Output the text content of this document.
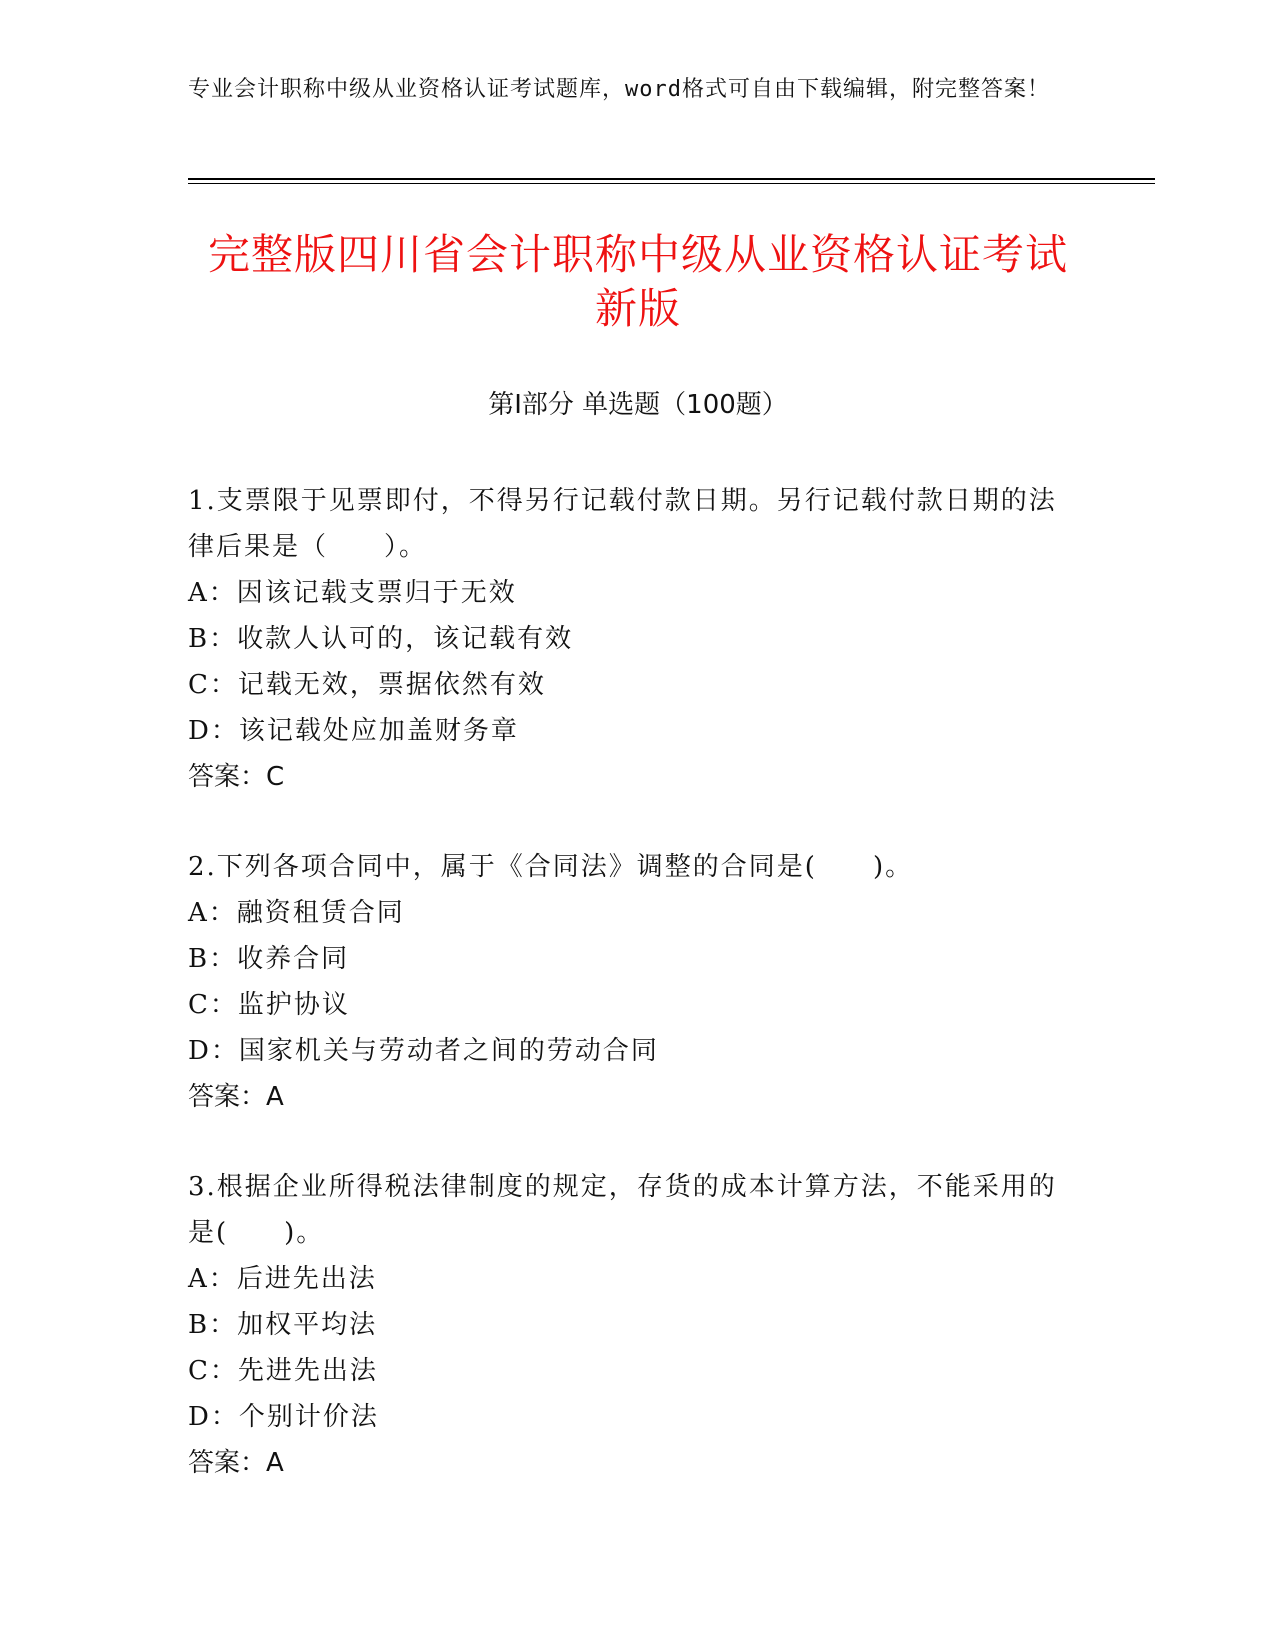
专业会计职称中级从业资格认证考试题库，word格式可自由下载编辑，附完整答案！
完整版四川省会计职称中级从业资格认证考试新版
第Ⅰ部分 单选题（100题）
1.支票限于见票即付，不得另行记载付款日期。另行记载付款日期的法律后果是（　　）。
A：因该记载支票归于无效
B：收款人认可的，该记载有效
C：记载无效，票据依然有效
D：该记载处应加盖财务章
答案：C
2.下列各项合同中，属于《合同法》调整的合同是(　　)。
A：融资租赁合同
B：收养合同
C：监护协议
D：国家机关与劳动者之间的劳动合同
答案：A
3.根据企业所得税法律制度的规定，存货的成本计算方法，不能采用的是(　　)。
A：后进先出法
B：加权平均法
C：先进先出法
D：个别计价法
答案：A
